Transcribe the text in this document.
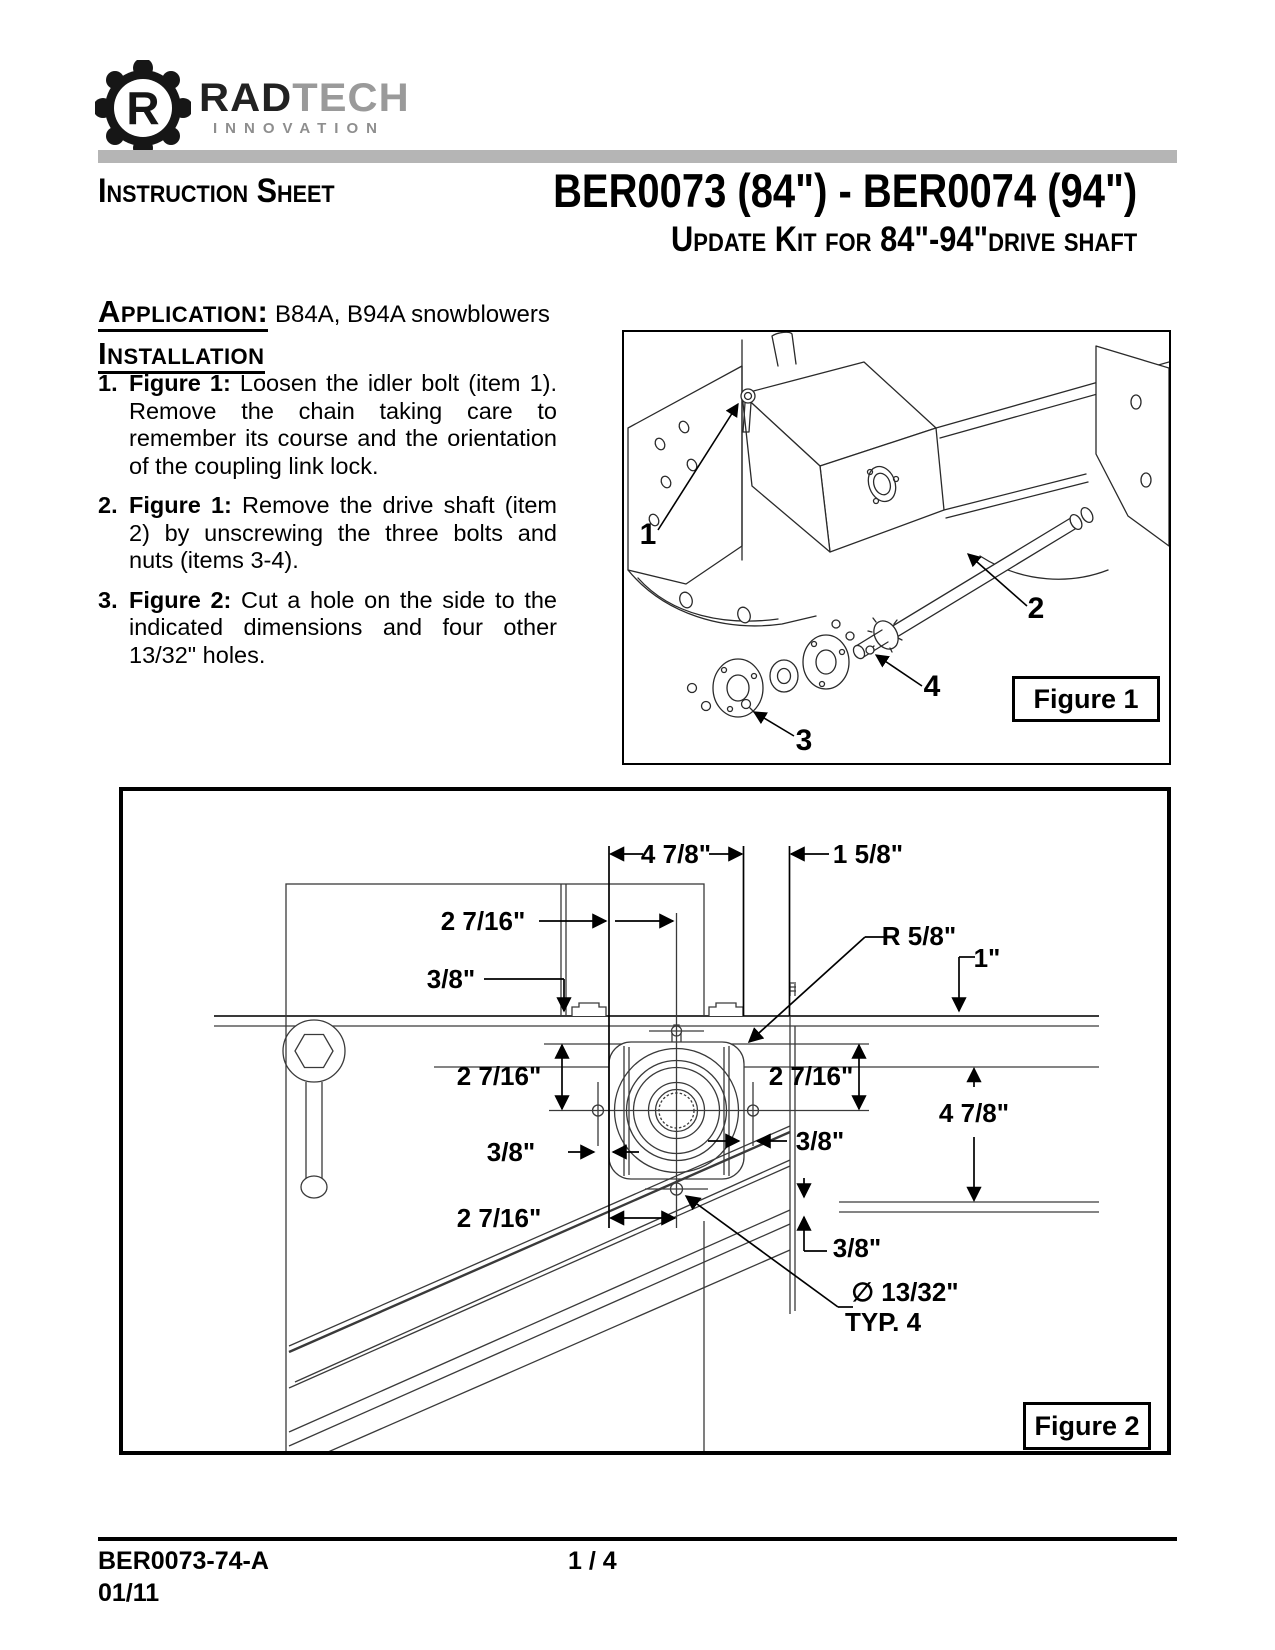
R RADTECH
INNOVATION
Instruction Sheet	BER0073 (84") - BER0074 (94")
Update Kit for 84"-94"drive shaft
Application: B84A, B94A snowblowers
Installation
1. Figure 1: Loosen the idler bolt (item 1). Remove the chain taking care to remember its course and the orientation of the coupling link lock.
2. Figure 1: Remove the drive shaft (item 2) by unscrewing the three bolts and nuts (items 3-4).
3. Figure 2: Cut a hole on the side to the indicated dimensions and four other 13/32" holes.
1
2
3
4	Figure 1
4 7/8"	1 5/8"
2 7/16"
3/8"
R 5/8"
1"
2 7/16"	2 7/16"
4 7/8"
3/8"	3/8"
2 7/16"
3/8"
∅ 13/32"
TYP. 4
Figure 2
BER0073-74-A	1 / 4
01/11
